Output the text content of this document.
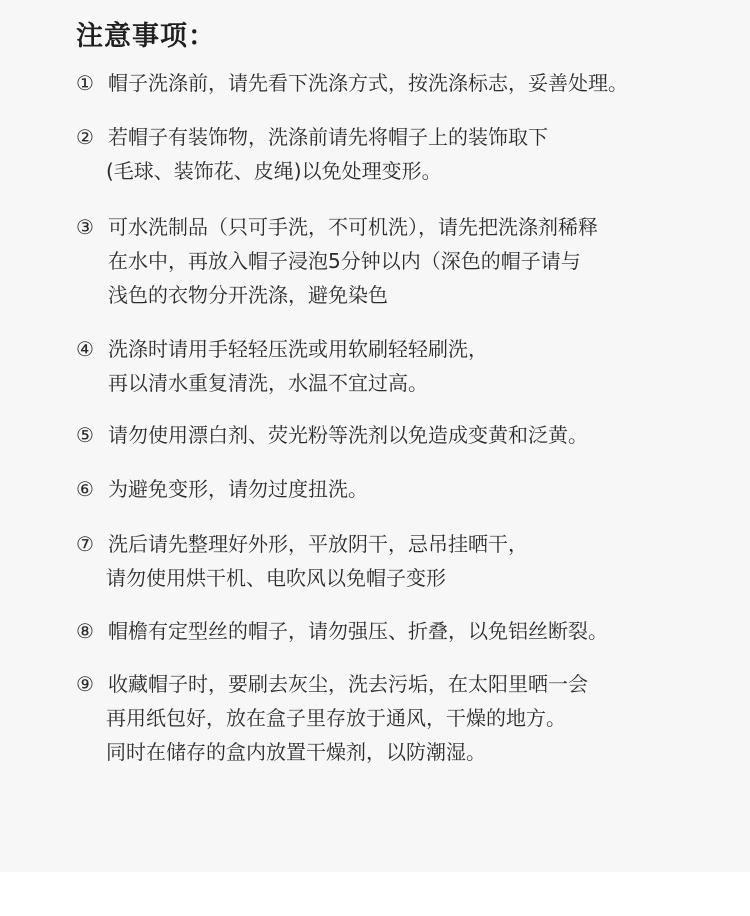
注意事项：
① 帽子洗涤前，请先看下洗涤方式，按洗涤标志，妥善处理。
② 若帽子有装饰物，洗涤前请先将帽子上的装饰取下
(毛球、装饰花、皮绳)以免处理变形。
③ 可水洗制品（只可手洗，不可机洗），请先把洗涤剂稀释
在水中，再放入帽子浸泡5分钟以内（深色的帽子请与
浅色的衣物分开洗涤，避免染色
④ 洗涤时请用手轻轻压洗或用软刷轻轻刷洗，
再以清水重复清洗，水温不宜过高。
⑤ 请勿使用漂白剂、荧光粉等洗剂以免造成变黄和泛黄。
⑥ 为避免变形，请勿过度扭洗。
⑦ 洗后请先整理好外形，平放阴干，忌吊挂晒干，
请勿使用烘干机、电吹风以免帽子变形
⑧ 帽檐有定型丝的帽子，请勿强压、折叠，以免铝丝断裂。
⑨ 收藏帽子时，要刷去灰尘，洗去污垢，在太阳里晒一会
再用纸包好，放在盒子里存放于通风，干燥的地方。
同时在储存的盒内放置干燥剂，以防潮湿。
